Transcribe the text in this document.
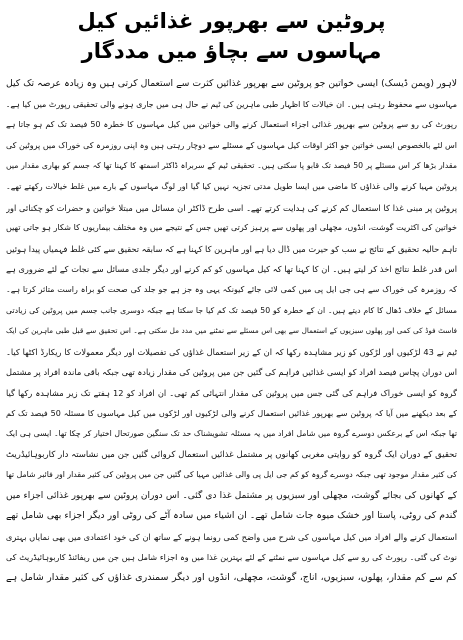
پروٹین سے بھرپور غذائیں کیل
مہاسوں سے بچاؤ میں مددگار
لاہور (ویمن ڈیسک) ایسی خواتین جو پروٹین سے بھرپور غذائیں کثرت سے استعمال کرتی ہیں وہ زیادہ عرصہ تک کیل
مہاسوں سے محفوظ رہتی ہیں۔ ان خیالات کا اظہار طبی ماہرین کی ٹیم نے حال ہی میں جاری ہونے والی تحقیقی رپورٹ میں کیا ہے۔
رپورٹ کی رو سے پروٹین سے بھرپور غذائی اجزاء استعمال کرنے والی خواتین میں کیل مہاسوں کا خطرہ 50 فیصد تک کم ہو جاتا ہے
اس لئے بالخصوص ایسی خواتین جو اکثر اوقات کیل مہاسوں کے مسئلے سے دوچار رہتی ہیں وہ اپنی روزمرہ کی خوراک میں پروٹین کی
مقدار بڑھا کر اس مسئلے پر 50 فیصد تک قابو پا سکتی ہیں۔ تحقیقی ٹیم کے سربراہ ڈاکٹر اسمتھ کا کہنا تھا کہ جسم کو بھاری مقدار میں
پروٹین مہیا کرنے والی غذاؤں کا ماضی میں ایسا طویل مدتی تجزیہ نہیں کیا گیا اور لوگ مہاسوں کے بارے میں غلط خیالات رکھتے تھے۔
پروٹین پر مبنی غذا کا استعمال کم کرنے کی ہدایت کرتے تھے۔ اسی طرح ڈاکٹر ان مسائل میں مبتلا خواتین و حضرات کو چکنائی اور
خواتین کی اکثریت گوشت، انڈوں، مچھلی اور پھلوں سے پرہیز کرتی تھیں جس کے نتیجے میں وہ مختلف بیماریوں کا شکار ہو جاتی تھیں
تاہم حالیہ تحقیق کے نتائج نے سب کو حیرت میں ڈال دیا ہے اور ماہرین کا کہنا ہے کہ سابقہ تحقیق سے کئی غلط فہمیاں پیدا ہوئیں
اس قدر غلط نتائج اخذ کر لیتے ہیں۔ ان کا کہنا تھا کہ کیل مہاسوں کو کم کرنے اور دیگر جلدی مسائل سے نجات کے لئے ضروری ہے
کہ روزمرہ کی خوراک سے ہی جی ایل پی میں کمی لائی جائے کیونکہ یہی وہ جز ہے جو جلد کی صحت کو براہ راست متاثر کرتا ہے۔
مسائل کے خلاف ڈھال کا کام دیتے ہیں۔ ان کے خطرہ کو 50 فیصد تک کم کیا جا سکتا ہے جبکہ دوسری جانب جسم میں پروٹین کی زیادتی
فاسٹ فوڈ کی کمی اور پھلوں سبزیوں کے استعمال سے بھی اس مسئلے سے نمٹنے میں مدد مل سکتی ہے۔ اس تحقیق سے قبل طبی ماہرین کی ایک
ٹیم نے 43 لڑکیوں اور لڑکوں کو زیر مشاہدہ رکھا کہ ان کے زیر استعمال غذاؤں کی تفصیلات اور دیگر معمولات کا ریکارڈ اکٹھا کیا۔
اس دوران پچاس فیصد افراد کو ایسی غذائیں فراہم کی گئیں جن میں پروٹین کی مقدار زیادہ تھی جبکہ باقی ماندہ افراد پر مشتمل
گروہ کو ایسی خوراک فراہم کی گئی جس میں پروٹین کی مقدار انتہائی کم تھی۔ ان افراد کو 12 ہفتے تک زیر مشاہدہ رکھا گیا
کے بعد دیکھنے میں آیا کہ پروٹین سے بھرپور غذائیں استعمال کرنے والی لڑکیوں اور لڑکوں میں کیل مہاسوں کا مسئلہ 50 فیصد تک کم
تھا جبکہ اس کے برعکس دوسرے گروہ میں شامل افراد میں یہ مسئلہ تشویشناک حد تک سنگین صورتحال اختیار کر چکا تھا۔ ایسی ہی ایک
تحقیق کے دوران ایک گروہ کو روایتی مغربی کھانوں پر مشتمل غذائیں استعمال کروائی گئیں جن میں نشاستہ دار کاربوہائیڈریٹ
کی کثیر مقدار موجود تھی جبکہ دوسرے گروہ کو کم جی ایل پی والی غذائیں مہیا کی گئیں جن میں پروٹین کی کثیر مقدار اور فائبر شامل تھا
کے کھانوں کی بجائے گوشت، مچھلی اور سبزیوں پر مشتمل غذا دی گئی۔ اس دوران پروٹین سے بھرپور غذائی اجزاء میں
گندم کی روٹی، پاستا اور خشک میوہ جات شامل تھے۔ ان اشیاء میں سادہ آٹے کی روٹی اور دیگر اجزاء بھی شامل تھے
استعمال کرنے والے افراد میں کیل مہاسوں کی شرح میں واضح کمی رونما ہونے کے ساتھ ان کی خود اعتمادی میں بھی نمایاں بہتری
نوٹ کی گئی۔ رپورٹ کی رو سے کیل مہاسوں سے نمٹنے کے لئے بہترین غذا میں وہ اجزاء شامل ہیں جن میں ریفائنڈ کاربوہائیڈریٹ کی
کم سے کم مقدار، پھلوں، سبزیوں، اناج، گوشت، مچھلی، انڈوں اور دیگر سمندری غذاؤں کی کثیر مقدار شامل ہے
